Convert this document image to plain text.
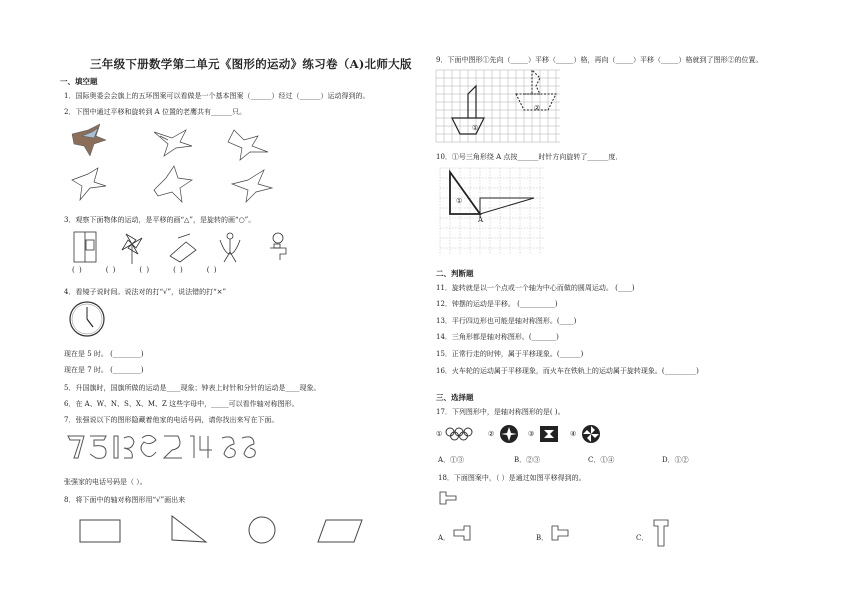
三年级下册数学第二单元《图形的运动》练习卷（A)北师大版
一、填空题
1．国际奥委会会旗上的五环图案可以看做是一个基本图案（______）经过（______）运动得到的。
2．下图中通过平移和旋转到 A 位置的老鹰共有______只。
3．观察下面物体的运动，是平移的画“△”，是旋转的画“○”。
( )	( )	( )	( )	( )
4．看镜子说时间。说法对的打“√”，说法错的打“×”
现在是 5 时。 (________)
现在是 7 时。 (________)
5．升国旗时，国旗所做的运动是____现象；钟表上时针和分针的运动是____现象。
6．在 A、W、N、S、X、M、Z 这些字母中，_____可以看作轴对称图形。
7．张强说以下的图形隐藏着他家的电话号码，请你找出来写在下面。
张强家的电话号码是（ ）。
8．将下面中的轴对称图形用“√”画出来
9．下面中图形①先向（_____）平移（_____）格，再向（_____）平移（_____）格就到了图形②的位置。
①
②
10．①号三角形绕 A 点按______时针方向旋转了______度．
①
A
二、判断题
11．旋转就是以一个点或一个轴为中心而做的圆周运动。 (____)
12．钟摆的运动是平移。 (__________)
13．平行四边形也可能是轴对称图形。(____)
14．三角形都是轴对称图形。(_______)
15．正常行走的时钟，属于平移现象。(______)
16．火车轮的运动属于平移现象，而火车在铁轨上的运动属于旋转现象。(_________)
三、选择题
17．下列图形中，是轴对称图形的是( )。
①	②	③	④
A．①③	B．②③	C．①④	D．①②
18．下面图案中，（ ）是通过如图平移得到的。
A．	B．	C．
